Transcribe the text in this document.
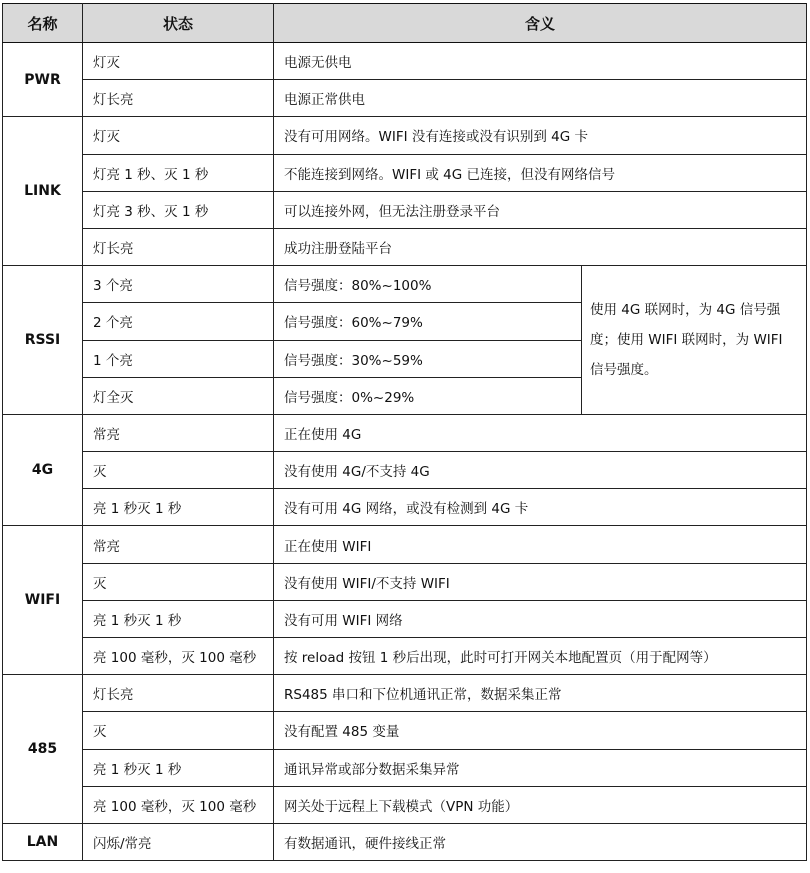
名称	状态	含义	
PWR	灯灭	电源无供电	
	灯长亮	电源正常供电	
LINK	灯灭	没有可用网络。WIFI 没有连接或没有识别到 4G 卡	
	灯亮 1 秒、灭 1 秒	不能连接到网络。WIFI 或 4G 已连接，但没有网络信号	
	灯亮 3 秒、灭 1 秒	可以连接外网，但无法注册登录平台	
	灯长亮	成功注册登陆平台	
RSSI	3 个亮	信号强度：80%~100%	使用 4G 联网时，为 4G 信号强度；使用 WIFI 联网时，为 WIFI 信号强度。
	2 个亮	信号强度：60%~79%	
	1 个亮	信号强度：30%~59%	
	灯全灭	信号强度：0%~29%	
4G	常亮	正在使用 4G	
	灭	没有使用 4G/不支持 4G	
	亮 1 秒灭 1 秒	没有可用 4G 网络，或没有检测到 4G 卡	
WIFI	常亮	正在使用 WIFI	
	灭	没有使用 WIFI/不支持 WIFI	
	亮 1 秒灭 1 秒	没有可用 WIFI 网络	
	亮 100 毫秒，灭 100 毫秒	按 reload 按钮 1 秒后出现，此时可打开网关本地配置页（用于配网等）	
485	灯长亮	RS485 串口和下位机通讯正常，数据采集正常	
	灭	没有配置 485 变量	
	亮 1 秒灭 1 秒	通讯异常或部分数据采集异常	
	亮 100 毫秒，灭 100 毫秒	网关处于远程上下载模式（VPN 功能）	
LAN	闪烁/常亮	有数据通讯，硬件接线正常	
